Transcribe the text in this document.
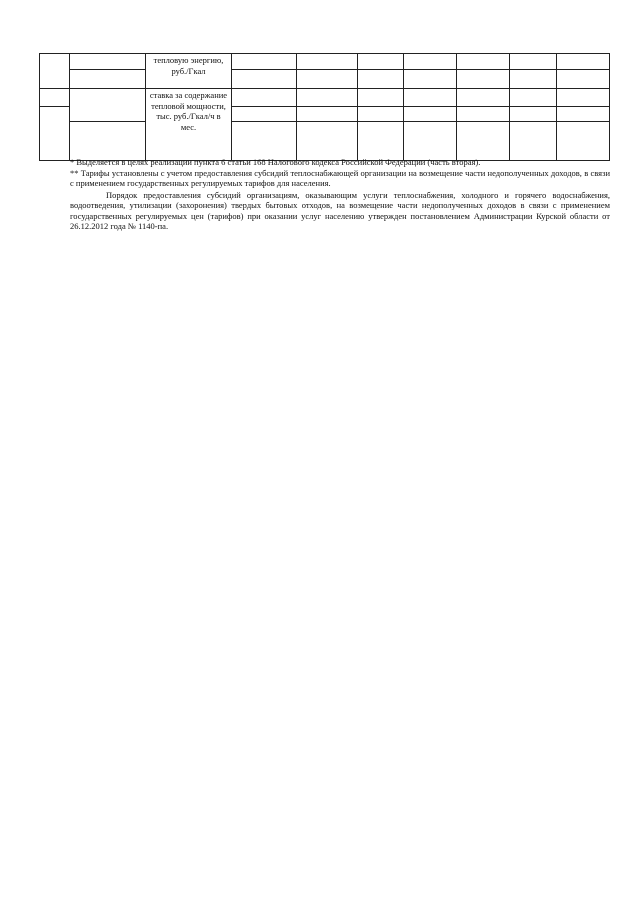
		тепловую энергию, руб./Гкал							

		ставка за содержание тепловой мощности, тыс. руб./Гкал/ч в мес.							

* Выделяется в целях реализации пункта 6 статьи 168 Налогового кодекса Российской Федерации (часть вторая).

** Тарифы установлены с учетом предоставления субсидий теплоснабжающей организации на возмещение части недополученных доходов, в связи с применением государственных регулируемых тарифов для населения.

Порядок предоставления субсидий организациям, оказывающим услуги теплоснабжения, холодного и горячего водоснабжения, водоотведения, утилизации (захоронения) твердых бытовых отходов, на возмещение части недополученных доходов в связи с применением государственных регулируемых цен (тарифов) при оказании услуг населению утвержден постановлением Администрации Курской области от 26.12.2012 года № 1140-па.
